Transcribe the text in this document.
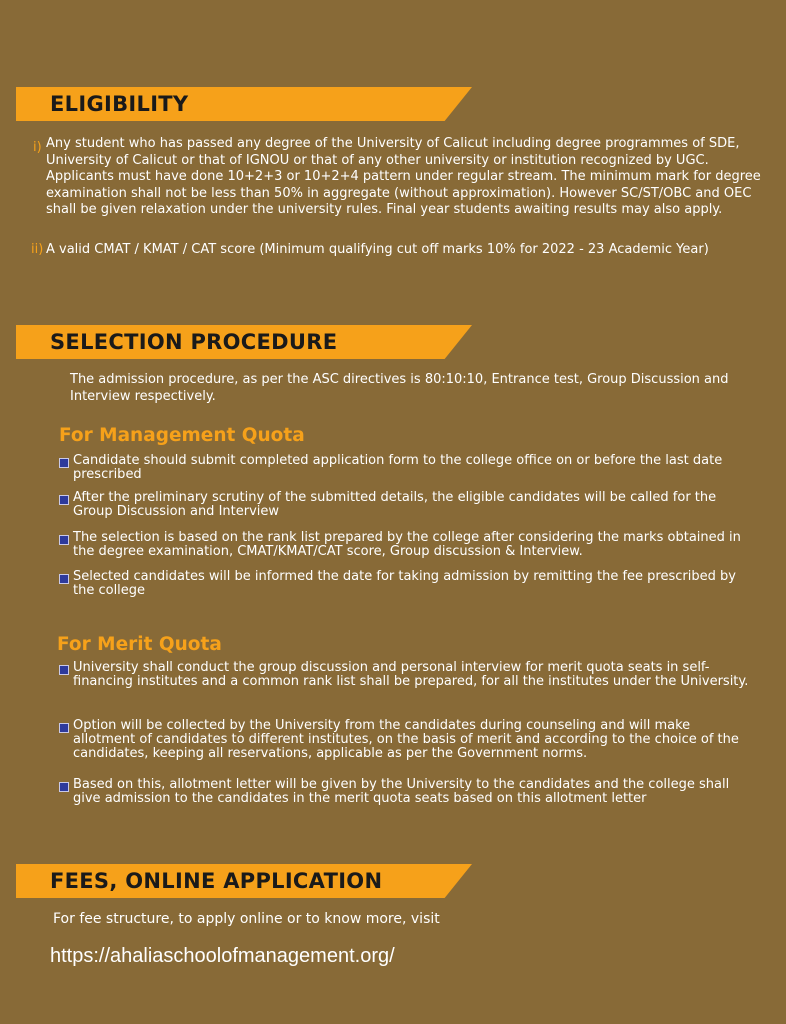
ELIGIBILITY
i) Any student who has passed any degree of the University of Calicut including degree programmes of SDE, University of Calicut or that of IGNOU or that of any other university or institution recognized by UGC. Applicants must have done 10+2+3 or 10+2+4 pattern under regular stream. The minimum mark for degree examination shall not be less than 50% in aggregate (without approximation). However SC/ST/OBC and OEC shall be given relaxation under the university rules. Final year students awaiting results may also apply.
ii) A valid CMAT / KMAT / CAT score (Minimum qualifying cut off marks 10% for 2022 - 23 Academic Year)
SELECTION PROCEDURE
The admission procedure, as per the ASC directives is 80:10:10, Entrance test, Group Discussion and Interview respectively.
For Management Quota
Candidate should submit completed application form to the college office on or before the last date prescribed
After the preliminary scrutiny of the submitted details, the eligible candidates will be called for the Group Discussion and Interview
The selection is based on the rank list prepared by the college after considering the marks obtained in the degree examination, CMAT/KMAT/CAT score, Group discussion & Interview.
Selected candidates will be informed the date for taking admission by remitting the fee prescribed by the college
For Merit Quota
University shall conduct the group discussion and personal interview for merit quota seats in self-financing institutes and a common rank list shall be prepared, for all the institutes under the University.
Option will be collected by the University from the candidates during counseling and will make allotment of candidates to different institutes, on the basis of merit and according to the choice of the candidates, keeping all reservations, applicable as per the Government norms.
Based on this, allotment letter will be given by the University to the candidates and the college shall give admission to the candidates in the merit quota seats based on this allotment letter
FEES, ONLINE APPLICATION
For fee structure, to apply online or to know more, visit
https://ahaliaschoolofmanagement.org/
